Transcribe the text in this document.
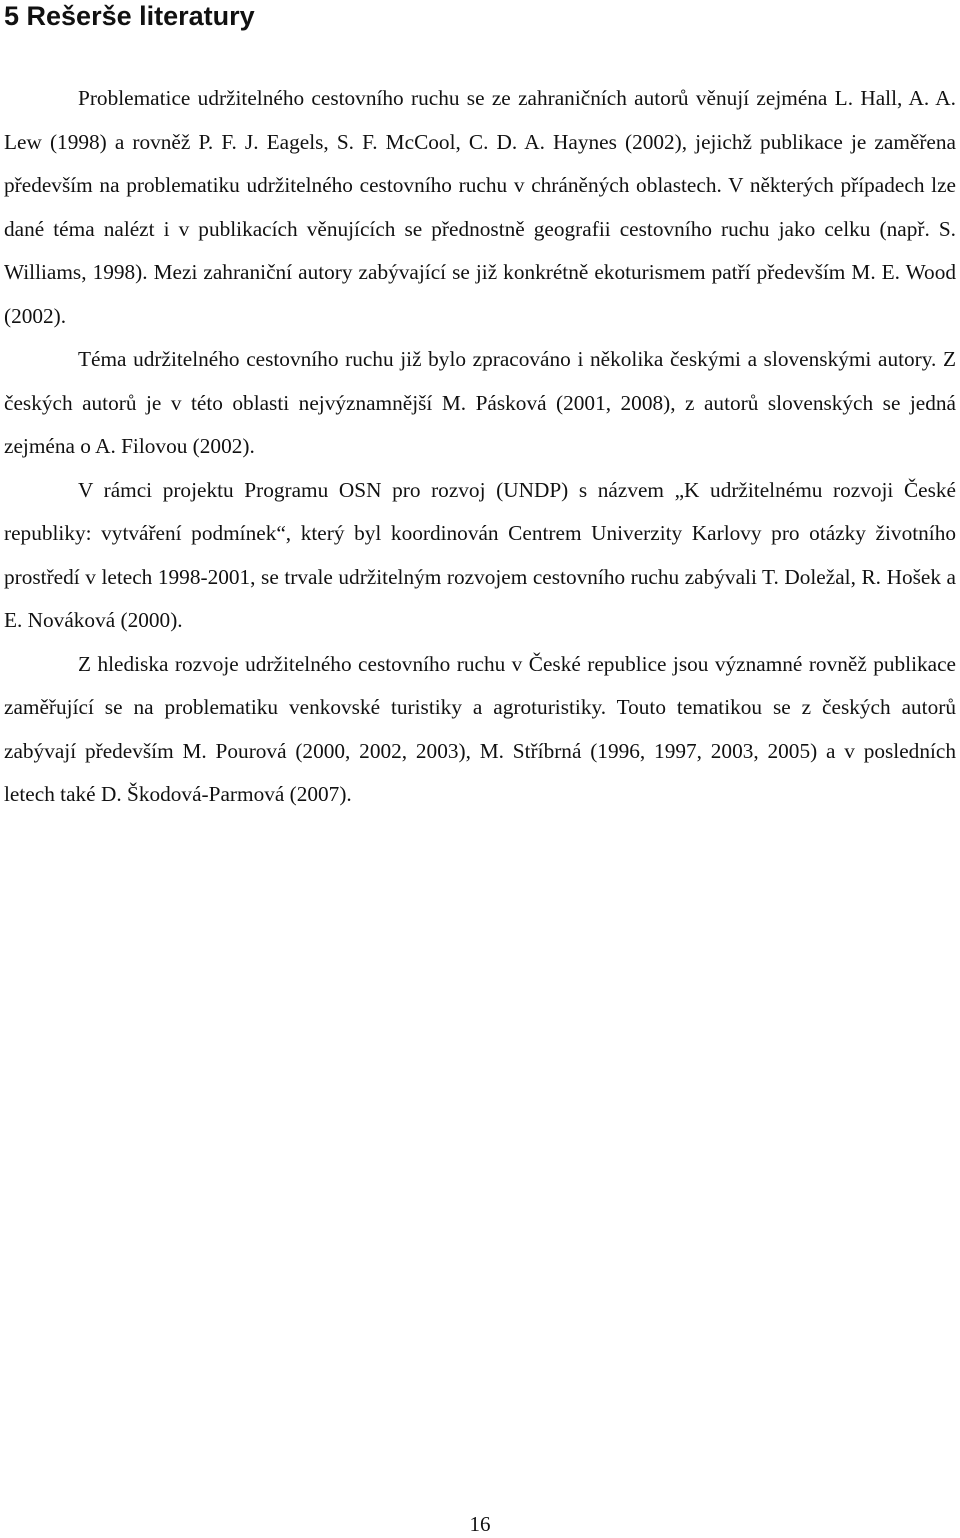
5 Rešerše literatury

Problematice udržitelného cestovního ruchu se ze zahraničních autorů věnují zejména L. Hall, A. A. Lew (1998) a rovněž P. F. J. Eagels, S. F. McCool, C. D. A. Haynes (2002), jejichž publikace je zaměřena především na problematiku udržitelného cestovního ruchu v chráněných oblastech. V některých případech lze dané téma nalézt i v publikacích věnujících se přednostně geografii cestovního ruchu jako celku (např. S. Williams, 1998). Mezi zahraniční autory zabývající se již konkrétně ekoturismem patří především M. E. Wood (2002).

Téma udržitelného cestovního ruchu již bylo zpracováno i několika českými a slovenskými autory. Z českých autorů je v této oblasti nejvýznamnější M. Pásková (2001, 2008), z autorů slovenských se jedná zejména o A. Filovou (2002).

V rámci projektu Programu OSN pro rozvoj (UNDP) s názvem „K udržitelnému rozvoji České republiky: vytváření podmínek“, který byl koordinován Centrem Univerzity Karlovy pro otázky životního prostředí v letech 1998-2001, se trvale udržitelným rozvojem cestovního ruchu zabývali T. Doležal, R. Hošek a E. Nováková (2000).

Z hlediska rozvoje udržitelného cestovního ruchu v České republice jsou významné rovněž publikace zaměřující se na problematiku venkovské turistiky a agroturistiky. Touto tematikou se z českých autorů zabývají především M. Pourová (2000, 2002, 2003), M. Stříbrná (1996, 1997, 2003, 2005) a v posledních letech také D. Škodová-Parmová (2007).

16
